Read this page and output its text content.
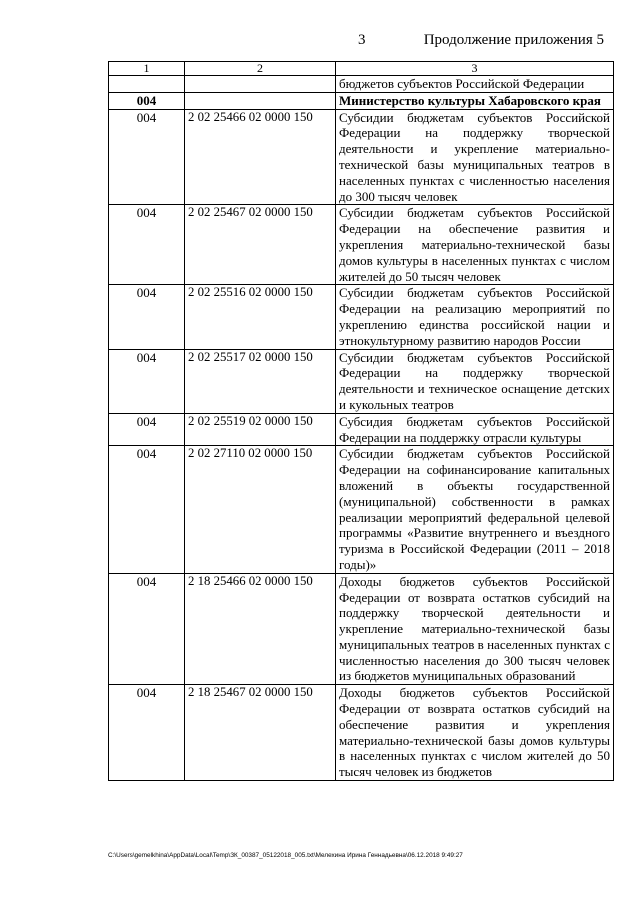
3	Продолжение приложения 5
1	2	3
		бюджетов субъектов Российской Федерации
004		Министерство культуры Хабаровского края
004	2 02 25466 02 0000 150	Субсидии бюджетам субъектов Российской Федерации на поддержку творческой деятельности и укрепление материально-технической базы муниципальных театров в населенных пунктах с численностью населения до 300 тысяч человек
004	2 02 25467 02 0000 150	Субсидии бюджетам субъектов Российской Федерации на обеспечение развития и укрепления материально-технической базы домов культуры в населенных пунктах с числом жителей до 50 тысяч человек
004	2 02 25516 02 0000 150	Субсидии бюджетам субъектов Российской Федерации на реализацию мероприятий по укреплению единства российской нации и этнокультурному развитию народов России
004	2 02 25517 02 0000 150	Субсидии бюджетам субъектов Российской Федерации на поддержку творческой деятельности и техническое оснащение детских и кукольных театров
004	2 02 25519 02 0000 150	Субсидия бюджетам субъектов Российской Федерации на поддержку отрасли культуры
004	2 02 27110 02 0000 150	Субсидии бюджетам субъектов Российской Федерации на софинансирование капитальных вложений в объекты государственной (муниципальной) собственности в рамках реализации мероприятий федеральной целевой программы «Развитие внутреннего и въездного туризма в Российской Федерации (2011 – 2018 годы)»
004	2 18 25466 02 0000 150	Доходы бюджетов субъектов Российской Федерации от возврата остатков субсидий на поддержку творческой деятельности и укрепление материально-технической базы муниципальных театров в населенных пунктах с численностью населения до 300 тысяч человек из бюджетов муниципальных образований
004	2 18 25467 02 0000 150	Доходы бюджетов субъектов Российской Федерации от возврата остатков субсидий на обеспечение развития и укрепления материально-технической базы домов культуры в населенных пунктах с числом жителей до 50 тысяч человек из бюджетов
C:\Users\gemelkhina\AppData\Local\Temp\ЗК_00387_05122018_005.txt\Мелехина Ирина Геннадьевна\06.12.2018 9:49:27
